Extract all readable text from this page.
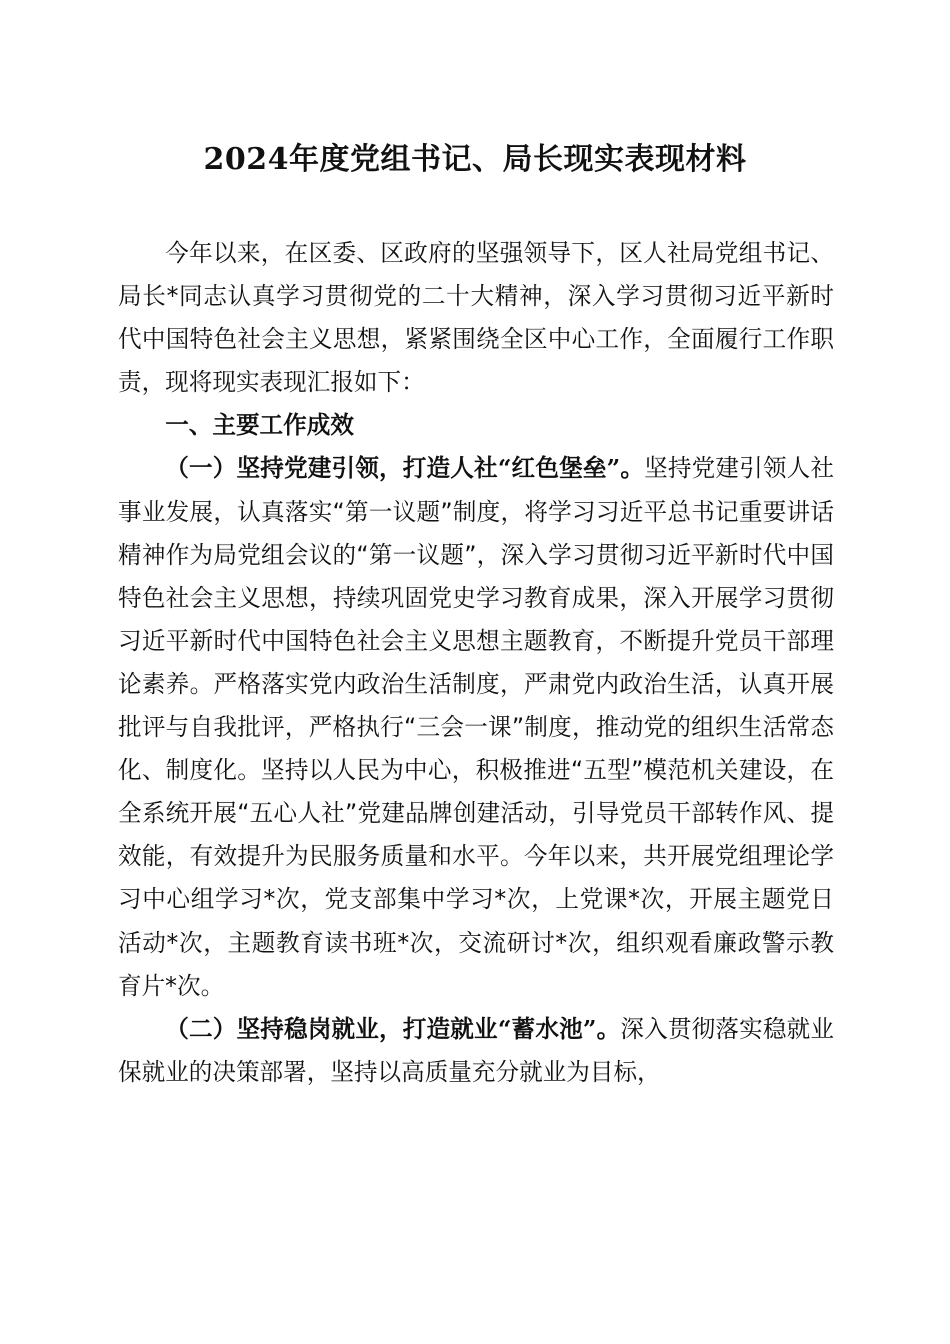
2024年度党组书记、局长现实表现材料

今年以来，在区委、区政府的坚强领导下，区人社局党组书记、局长*同志认真学习贯彻党的二十大精神，深入学习贯彻习近平新时代中国特色社会主义思想，紧紧围绕全区中心工作，全面履行工作职责，现将现实表现汇报如下：

一、主要工作成效

（一）坚持党建引领，打造人社“红色堡垒”。坚持党建引领人社事业发展，认真落实“第一议题”制度，将学习习近平总书记重要讲话精神作为局党组会议的“第一议题”，深入学习贯彻习近平新时代中国特色社会主义思想，持续巩固党史学习教育成果，深入开展学习贯彻习近平新时代中国特色社会主义思想主题教育，不断提升党员干部理论素养。严格落实党内政治生活制度，严肃党内政治生活，认真开展批评与自我批评，严格执行“三会一课”制度，推动党的组织生活常态化、制度化。坚持以人民为中心，积极推进“五型”模范机关建设，在全系统开展“五心人社”党建品牌创建活动，引导党员干部转作风、提效能，有效提升为民服务质量和水平。今年以来，共开展党组理论学习中心组学习*次，党支部集中学习*次，上党课*次，开展主题党日活动*次，主题教育读书班*次，交流研讨*次，组织观看廉政警示教育片*次。

（二）坚持稳岗就业，打造就业“蓄水池”。深入贯彻落实稳就业保就业的决策部署，坚持以高质量充分就业为目标，
